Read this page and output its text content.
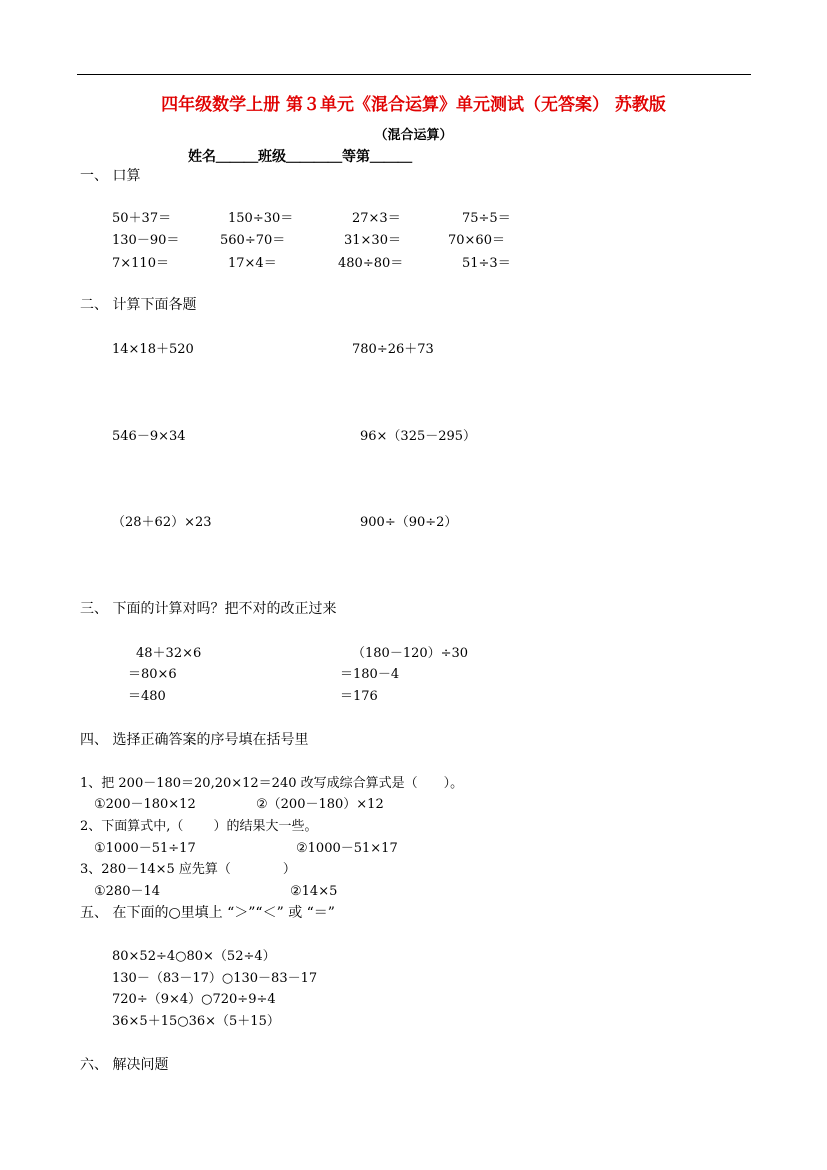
四年级数学上册 第３单元《混合运算》单元测试（无答案） 苏教版
（混合运算）
姓名＿＿＿班级＿＿＿＿等第＿＿＿
一、 口算
50＋37＝	150÷30＝	27×3＝	75÷5＝
130－90＝	560÷70＝	31×30＝	70×60＝
7×110＝	17×4＝	480÷80＝	51÷3＝
二、 计算下面各题
14×18＋520	780÷26＋73
546－9×34	96×（325－295）
（28＋62）×23	900÷（90÷2）
三、 下面的计算对吗？把不对的改正过来
48＋32×6
＝80×6
＝480
（180－120）÷30
＝180－4
＝176
四、 选择正确答案的序号填在括号里
1、把 200－180＝20,20×12＝240 改写成综合算式是（　　）。
①200－180×12	②（200－180）×12
2、下面算式中,（　　 ）的结果大一些。
①1000－51÷17	②1000－51×17
3、280－14×5 应先算（　　　　）
①280－14	②14×5
五、 在下面的○里填上 “＞”“＜” 或 “＝”
80×52÷4○80×（52÷4）
130－（83－17）○130－83－17
720÷（9×4）○720÷9÷4
36×5＋15○36×（5＋15）
六、 解决问题
